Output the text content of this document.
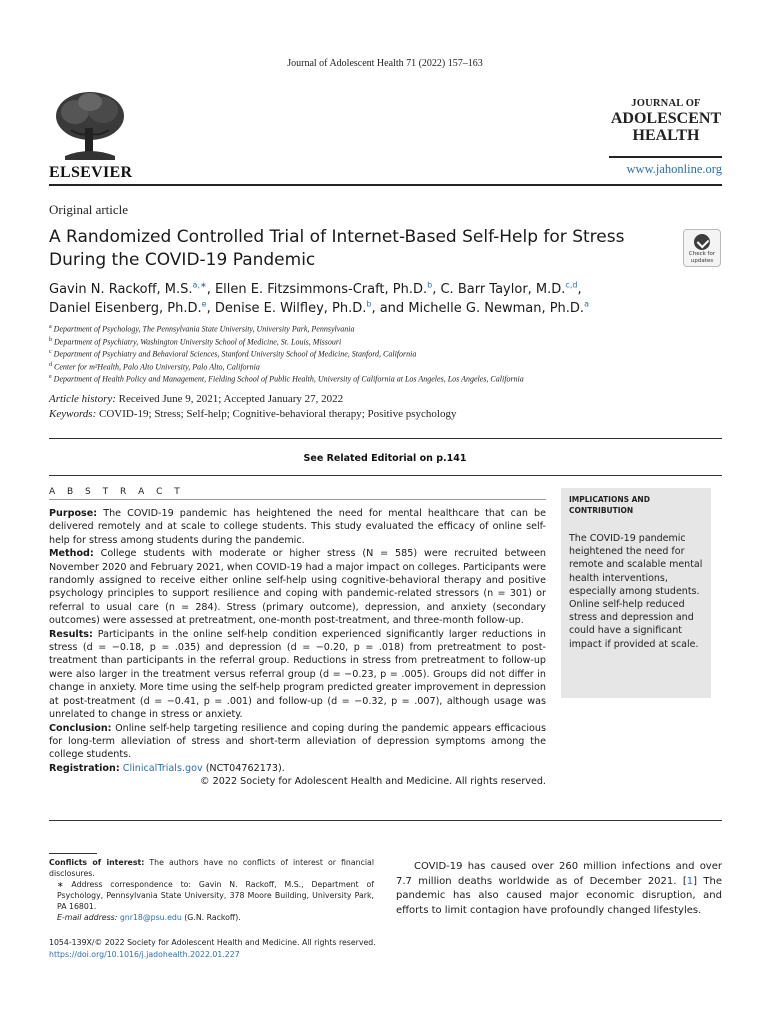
Journal of Adolescent Health 71 (2022) 157–163
ELSEVIER
JOURNAL OF
ADOLESCENT
HEALTH
www.jahonline.org
Original article
A Randomized Controlled Trial of Internet-Based Self-Help for Stress During the COVID-19 Pandemic	Check for
updates
Gavin N. Rackoff, M.S.$^{a,∗}$, Ellen E. Fitzsimmons-Craft, Ph.D.$^b$, C. Barr Taylor, M.D.$^{c,d}$,
Daniel Eisenberg, Ph.D.$^e$, Denise E. Wilfley, Ph.D.$^b$, and Michelle G. Newman, Ph.D.$^a$
$^a$ Department of Psychology, The Pennsylvania State University, University Park, Pennsylvania
$^b$ Department of Psychiatry, Washington University School of Medicine, St. Louis, Missouri
$^c$ Department of Psychiatry and Behavioral Sciences, Stanford University School of Medicine, Stanford, California
$^d$ Center for m²Health, Palo Alto University, Palo Alto, California
$^e$ Department of Health Policy and Management, Fielding School of Public Health, University of California at Los Angeles, Los Angeles, California
Article history: Received June 9, 2021; Accepted January 27, 2022
Keywords: COVID-19; Stress; Self-help; Cognitive-behavioral therapy; Positive psychology
See Related Editorial on p.141
A B S T R A C T

Purpose: The COVID-19 pandemic has heightened the need for mental healthcare that can be delivered remotely and at scale to college students. This study evaluated the efficacy of online self-help for stress among students during the pandemic.

Method: College students with moderate or higher stress (N = 585) were recruited between November 2020 and February 2021, when COVID-19 had a major impact on colleges. Participants were randomly assigned to receive either online self-help using cognitive-behavioral therapy and positive psychology principles to support resilience and coping with pandemic-related stressors (n = 301) or referral to usual care (n = 284). Stress (primary outcome), depression, and anxiety (secondary outcomes) were assessed at pretreatment, one-month post-treatment, and three-month follow-up.

Results: Participants in the online self-help condition experienced significantly larger reductions in stress (d = −0.18, p = .035) and depression (d = −0.20, p = .018) from pretreatment to post-treatment than participants in the referral group. Reductions in stress from pretreatment to follow-up were also larger in the treatment versus referral group (d = −0.23, p = .005). Groups did not differ in change in anxiety. More time using the self-help program predicted greater improvement in depression at post-treatment (d = −0.41, p = .001) and follow-up (d = −0.32, p = .007), although usage was unrelated to change in stress or anxiety.

Conclusion: Online self-help targeting resilience and coping during the pandemic appears efficacious for long-term alleviation of stress and short-term alleviation of depression symptoms among the college students.

Registration: ClinicalTrials.gov (NCT04762173).

© 2022 Society for Adolescent Health and Medicine. All rights reserved.

IMPLICATIONS AND CONTRIBUTION
The COVID-19 pandemic heightened the need for remote and scalable mental health interventions, especially among students. Online self-help reduced stress and depression and could have a significant impact if provided at scale.
Conflicts of interest: The authors have no conflicts of interest or financial disclosures.
∗ Address correspondence to: Gavin N. Rackoff, M.S., Department of Psychology, Pennsylvania State University, 378 Moore Building, University Park, PA 16801.
E-mail address: gnr18@psu.edu (G.N. Rackoff).
COVID-19 has caused over 260 million infections and over 7.7 million deaths worldwide as of December 2021. [1] The pandemic has also caused major economic disruption, and efforts to limit contagion have profoundly changed lifestyles.
1054-139X/© 2022 Society for Adolescent Health and Medicine. All rights reserved.
https://doi.org/10.1016/j.jadohealth.2022.01.227
